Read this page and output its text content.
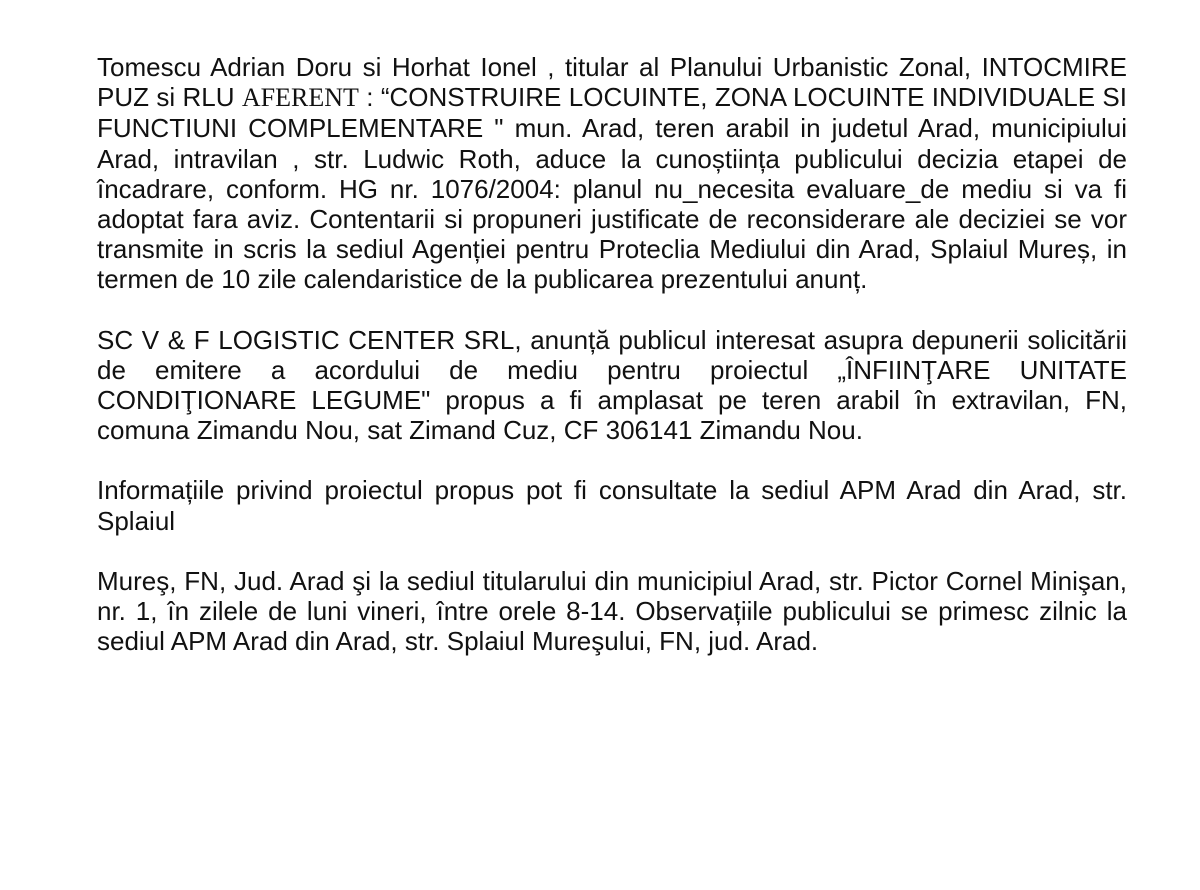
Tomescu Adrian Doru si Horhat Ionel , titular al Planului Urbanistic Zonal, INTOCMIRE PUZ si RLU AFERENT : “CONSTRUIRE LOCUINTE, ZONA LOCUINTE INDIVIDUALE SI FUNCTIUNI COMPLEMENTARE " mun. Arad, teren arabil in judetul Arad, municipiului Arad, intravilan , str. Ludwic Roth, aduce la cunoștiința publicului decizia etapei de încadrare, conform. HG nr. 1076/2004: planul nu_necesita evaluare_de mediu si va fi adoptat fara aviz. Contentarii si propuneri justificate de reconsiderare ale deciziei se vor transmite in scris la sediul Agenției pentru Proteclia Mediului din Arad, Splaiul Mureș, in termen de 10 zile calendaristice de la publicarea prezentului anunț.

SC V & F LOGISTIC CENTER SRL, anunță publicul interesat asupra depunerii solicitării de emitere a acordului de mediu pentru proiectul „ÎNFIINŢARE UNITATE CONDIŢIONARE LEGUME" propus a fi amplasat pe teren arabil în extravilan, FN, comuna Zimandu Nou, sat Zimand Cuz, CF 306141 Zimandu Nou.

Informațiile privind proiectul propus pot fi consultate la sediul APM Arad din Arad, str. Splaiul

Mureş, FN, Jud. Arad şi la sediul titularului din municipiul Arad, str. Pictor Cornel Minişan, nr. 1, în zilele de luni vineri, între orele 8-14. Observațiile publicului se primesc zilnic la sediul APM Arad din Arad, str. Splaiul Mureşului, FN, jud. Arad.
